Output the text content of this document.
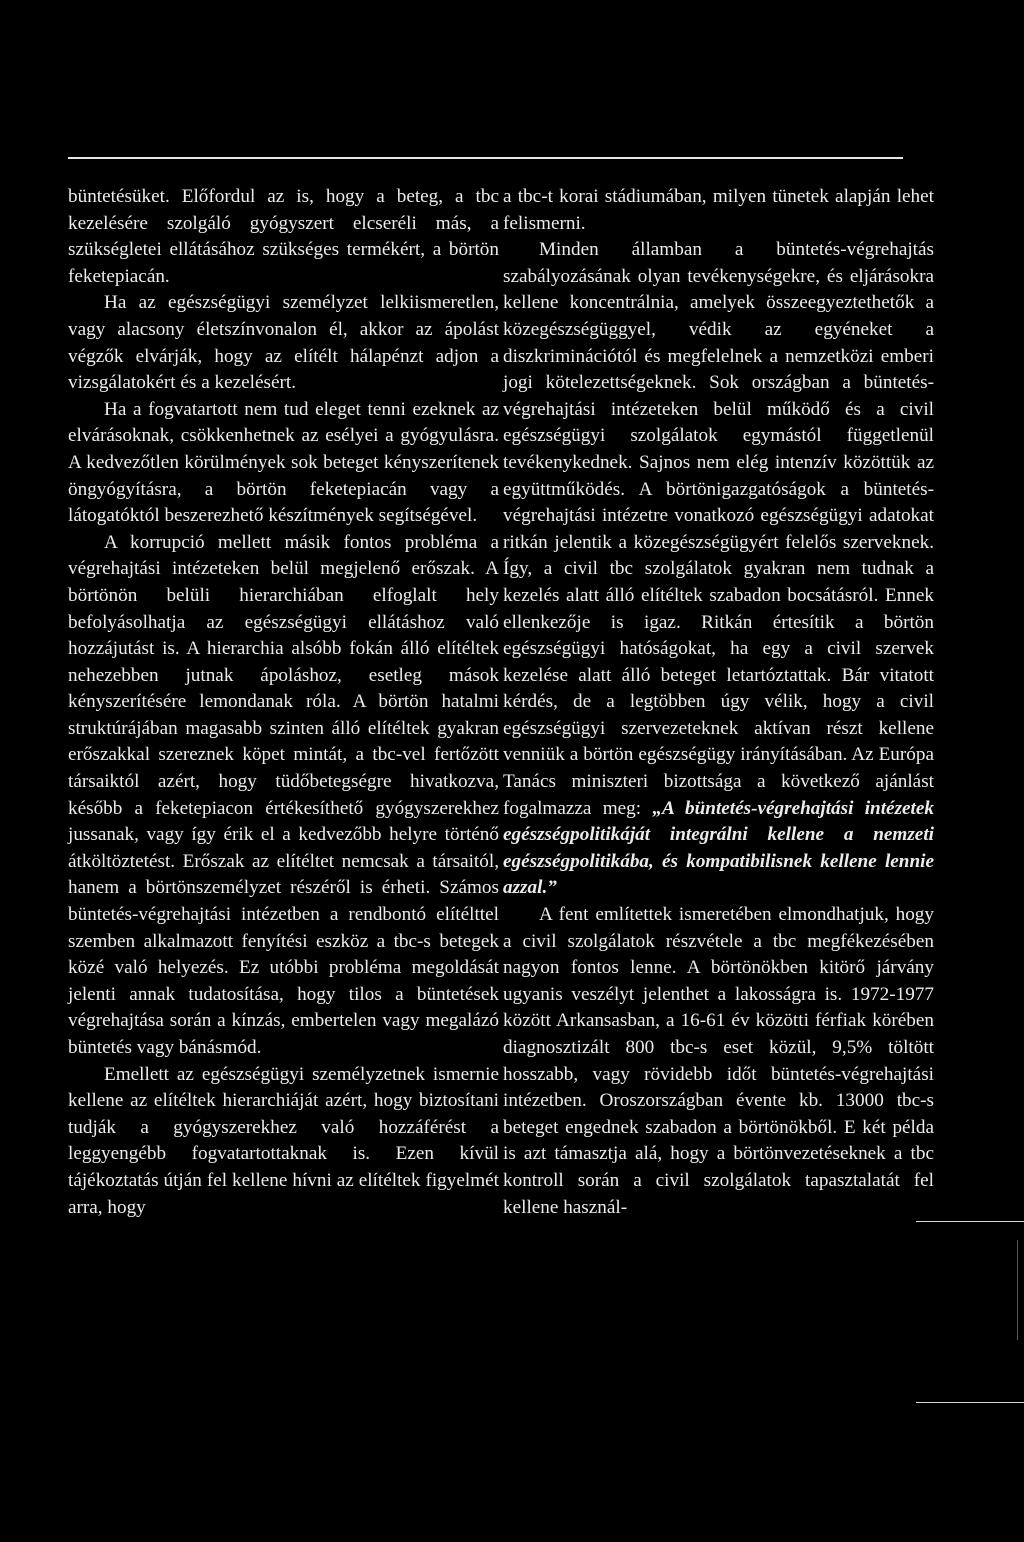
büntetésüket. Előfordul az is, hogy a beteg, a tbc kezelésére szolgáló gyógyszert elcseréli más, a szükségletei ellátásához szükséges termékért, a börtön feketepiacán.

Ha az egészségügyi személyzet lelkiismeretlen, vagy alacsony életszínvonalon él, akkor az ápolást végzők elvárják, hogy az elítélt hálapénzt adjon a vizsgálatokért és a kezelésért.

Ha a fogvatartott nem tud eleget tenni ezeknek az elvárásoknak, csökkenhetnek az esélyei a gyógyulásra. A kedvezőtlen körülmények sok beteget kényszerítenek öngyógyításra, a börtön feketepiacán vagy a látogatóktól beszerezhető készítmények segítségével.

A korrupció mellett másik fontos probléma a végrehajtási intézeteken belül megjelenő erőszak. A börtönön belüli hierarchiában elfoglalt hely befolyásolhatja az egészségügyi ellátáshoz való hozzájutást is. A hierarchia alsóbb fokán álló elítéltek nehezebben jutnak ápoláshoz, esetleg mások kényszerítésére lemondanak róla. A börtön hatalmi struktúrájában magasabb szinten álló elítéltek gyakran erőszakkal szereznek köpet mintát, a tbc-vel fertőzött társaiktól azért, hogy tüdőbetegségre hivatkozva, később a feketepiacon értékesíthető gyógyszerekhez jussanak, vagy így érik el a kedvezőbb helyre történő átköltöztetést. Erőszak az elítéltet nemcsak a társaitól, hanem a börtönszemélyzet részéről is érheti. Számos büntetés-végrehajtási intézetben a rendbontó elítélttel szemben alkalmazott fenyítési eszköz a tbc-s betegek közé való helyezés. Ez utóbbi probléma megoldását jelenti annak tudatosítása, hogy tilos a büntetések végrehajtása során a kínzás, embertelen vagy megalázó büntetés vagy bánásmód.

Emellett az egészségügyi személyzetnek ismernie kellene az elítéltek hierarchiáját azért, hogy biztosítani tudják a gyógyszerekhez való hozzáférést a leggyengébb fogvatartottaknak is. Ezen kívül tájékoztatás útján fel kellene hívni az elítéltek figyelmét arra, hogy

a tbc-t korai stádiumában, milyen tünetek alapján lehet felismerni.

Minden államban a büntetés-végrehajtás szabályozásának olyan tevékenységekre, és eljárásokra kellene koncentrálnia, amelyek összeegyeztethetők a közegészségüggyel, védik az egyéneket a diszkriminációtól és megfelelnek a nemzetközi emberi jogi kötelezettségeknek. Sok országban a büntetés-végrehajtási intézeteken belül működő és a civil egészségügyi szolgálatok egymástól függetlenül tevékenykednek. Sajnos nem elég intenzív közöttük az együttműködés. A börtönigazgatóságok a büntetés-végrehajtási intézetre vonatkozó egészségügyi adatokat ritkán jelentik a közegészségügyért felelős szerveknek. Így, a civil tbc szolgálatok gyakran nem tudnak a kezelés alatt álló elítéltek szabadon bocsátásról. Ennek ellenkezője is igaz. Ritkán értesítik a börtön egészségügyi hatóságokat, ha egy a civil szervek kezelése alatt álló beteget letartóztattak. Bár vitatott kérdés, de a legtöbben úgy vélik, hogy a civil egészségügyi szervezeteknek aktívan részt kellene venniük a börtön egészségügy irányításában. Az Európa Tanács miniszteri bizottsága a következő ajánlást fogalmazza meg: „A büntetés-végrehajtási intézetek egészségpolitikáját integrálni kellene a nemzeti egészségpolitikába, és kompatibilisnek kellene lennie azzal.”

A fent említettek ismeretében elmondhatjuk, hogy a civil szolgálatok részvétele a tbc megfékezésében nagyon fontos lenne. A börtönökben kitörő járvány ugyanis veszélyt jelenthet a lakosságra is. 1972-1977 között Arkansasban, a 16-61 év közötti férfiak körében diagnosztizált 800 tbc-s eset közül, 9,5% töltött hosszabb, vagy rövidebb időt büntetés-végrehajtási intézetben. Oroszországban évente kb. 13000 tbc-s beteget engednek szabadon a börtönökből. E két példa is azt támasztja alá, hogy a börtönvezetéseknek a tbc kontroll során a civil szolgálatok tapasztalatát fel kellene használ-
